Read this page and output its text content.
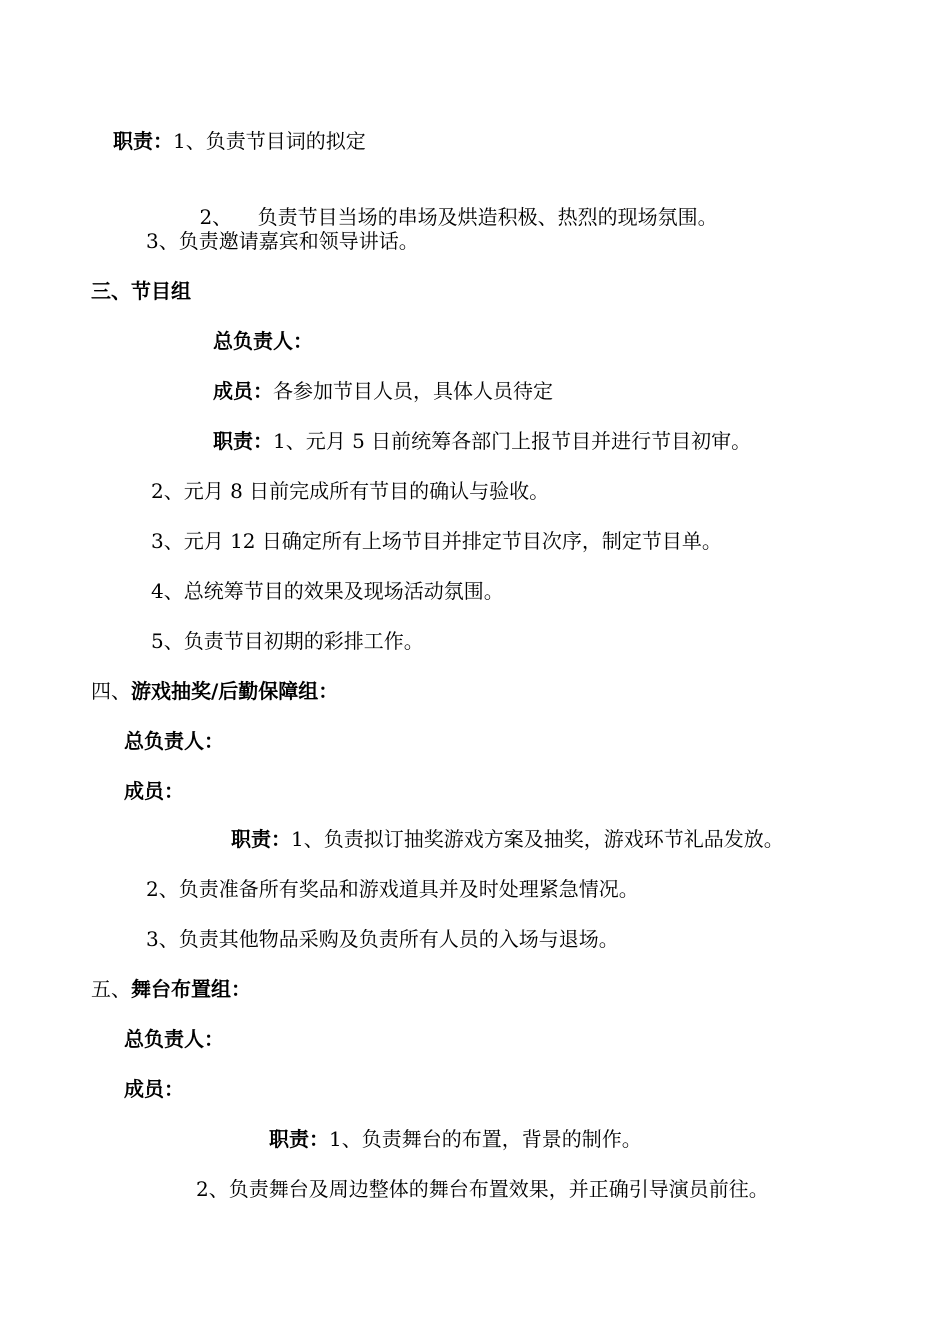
职责：1、负责节目词的拟定

2、    负责节目当场的串场及烘造积极、热烈的现场氛围。

3、负责邀请嘉宾和领导讲话。
三、节目组
总负责人：
成员：各参加节目人员，具体人员待定
职责：1、元月 5 日前统筹各部门上报节目并进行节目初审。
2、元月 8 日前完成所有节目的确认与验收。
3、元月 12 日确定所有上场节目并排定节目次序，制定节目单。
4、总统筹节目的效果及现场活动氛围。
5、负责节目初期的彩排工作。
四、游戏抽奖/后勤保障组：
总负责人：
成员：
职责：1、负责拟订抽奖游戏方案及抽奖，游戏环节礼品发放。
2、负责准备所有奖品和游戏道具并及时处理紧急情况。
3、负责其他物品采购及负责所有人员的入场与退场。
五、舞台布置组：
总负责人：
成员：
职责：1、负责舞台的布置，背景的制作。
2、负责舞台及周边整体的舞台布置效果，并正确引导演员前往。
